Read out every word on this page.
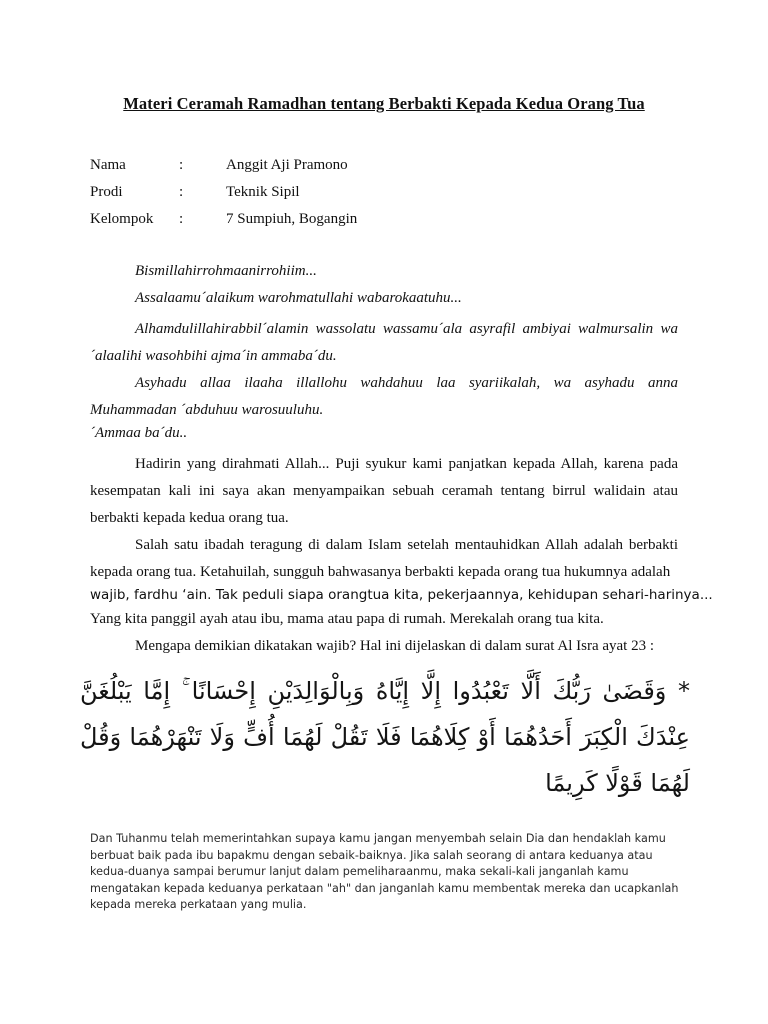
Materi Ceramah Ramadhan tentang Berbakti Kepada Kedua Orang Tua
Nama	:	Anggit Aji Pramono
Prodi	:	Teknik Sipil
Kelompok :	7 Sumpiuh, Bogangin

Bismillahirrohmaanirrohiim...

Assalaamu´alaikum warohmatullahi wabarokaatuhu...

Alhamdulillahirabbil´alamin wassolatu wassamu´ala asyrafil ambiyai walmursalin wa´alaalihi wasohbihi ajma´in ammaba´du.

Asyhadu allaa ilaaha illallohu wahdahuu laa syariikalah, wa asyhadu anna Muhammadan ´abduhuu warosuuluhu.

´Ammaa ba´du..

Hadirin yang dirahmati Allah... Puji syukur kami panjatkan kepada Allah, karena pada kesempatan kali ini saya akan menyampaikan sebuah ceramah tentang birrul walidain atau berbakti kepada kedua orang tua.

Salah satu ibadah teragung di dalam Islam setelah mentauhidkan Allah adalah berbakti kepada orang tua. Ketahuilah, sungguh bahwasanya berbakti kepada orang tua hukumnya adalah

wajib, fardhu ‘ain. Tak peduli siapa orangtua kita, pekerjaannya, kehidupan sehari-harinya...

Yang kita panggil ayah atau ibu, mama atau papa di rumah. Merekalah orang tua kita.

Mengapa demikian dikatakan wajib? Hal ini dijelaskan di dalam surat Al Isra ayat 23 :

* وَقَضَىٰ رَبُّكَ أَلَّا تَعْبُدُوا إِلَّا إِيَّاهُ وَبِالْوَالِدَيْنِ إِحْسَانًا ۚ إِمَّا يَبْلُغَنَّ عِنْدَكَ الْكِبَرَ أَحَدُهُمَا أَوْ كِلَاهُمَا فَلَا تَقُلْ لَهُمَا أُفٍّ وَلَا تَنْهَرْهُمَا وَقُلْ لَهُمَا قَوْلًا كَرِيمًا
Dan Tuhanmu telah memerintahkan supaya kamu jangan menyembah selain Dia dan hendaklah kamu berbuat baik pada ibu bapakmu dengan sebaik-baiknya. Jika salah seorang di antara keduanya atau kedua-duanya sampai berumur lanjut dalam pemeliharaanmu, maka sekali-kali janganlah kamu mengatakan kepada keduanya perkataan "ah" dan janganlah kamu membentak mereka dan ucapkanlah kepada mereka perkataan yang mulia.
